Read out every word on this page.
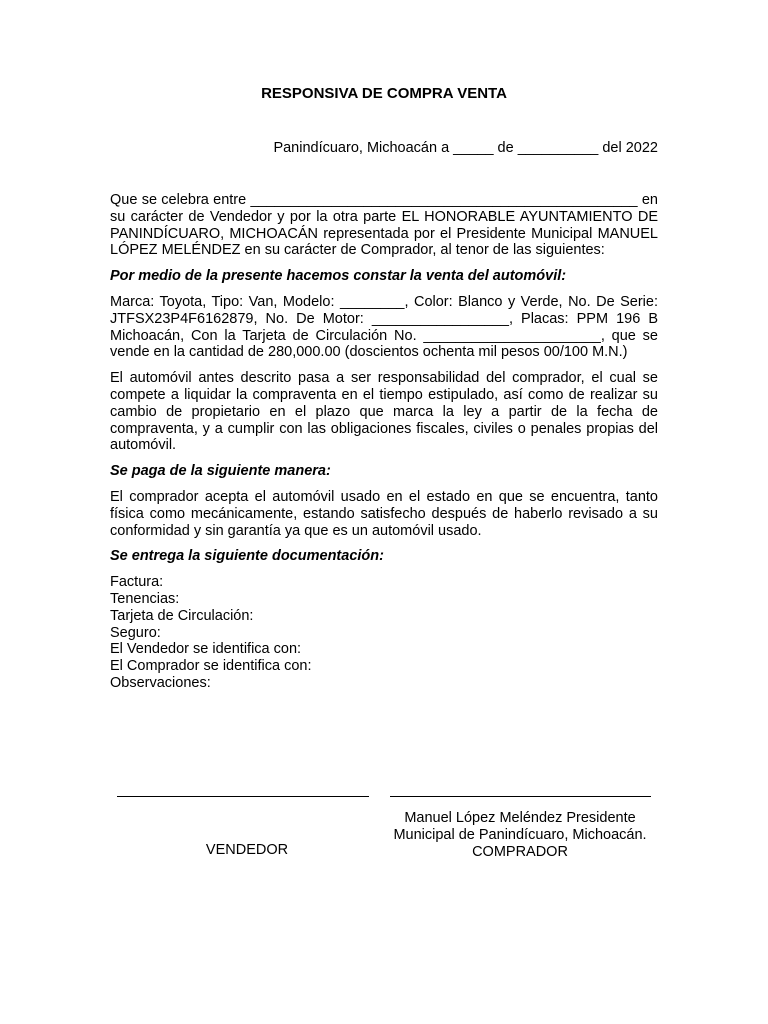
RESPONSIVA DE COMPRA VENTA
Panindícuaro, Michoacán a _____ de __________ del 2022

Que se celebra entre ________________________________________________ en su carácter de Vendedor y por la otra parte EL HONORABLE AYUNTAMIENTO DE PANINDÍCUARO, MICHOACÁN representada por el Presidente Municipal MANUEL LÓPEZ MELÉNDEZ en su carácter de Comprador, al tenor de las siguientes:

Por medio de la presente hacemos constar la venta del automóvil:

Marca: Toyota, Tipo: Van, Modelo: ________, Color: Blanco y Verde, No. De Serie: JTFSX23P4F6162879, No. De Motor: _________________, Placas: PPM 196 B Michoacán, Con la Tarjeta de Circulación No. ______________________, que se vende en la cantidad de 280,000.00 (doscientos ochenta mil pesos 00/100 M.N.)

El automóvil antes descrito pasa a ser responsabilidad del comprador, el cual se compete a liquidar la compraventa en el tiempo estipulado, así como de realizar su cambio de propietario en el plazo que marca la ley a partir de la fecha de compraventa, y a cumplir con las obligaciones fiscales, civiles o penales propias del automóvil.

Se paga de la siguiente manera:

El comprador acepta el automóvil usado en el estado en que se encuentra, tanto física como mecánicamente, estando satisfecho después de haberlo revisado a su conformidad y sin garantía ya que es un automóvil usado.

Se entrega la siguiente documentación:

Factura:

Tenencias:

Tarjeta de Circulación:

Seguro:

El Vendedor se identifica con:

El Comprador se identifica con:

Observaciones:

VENDEDOR
Manuel López Meléndez Presidente
Municipal de Panindícuaro, Michoacán.
COMPRADOR
